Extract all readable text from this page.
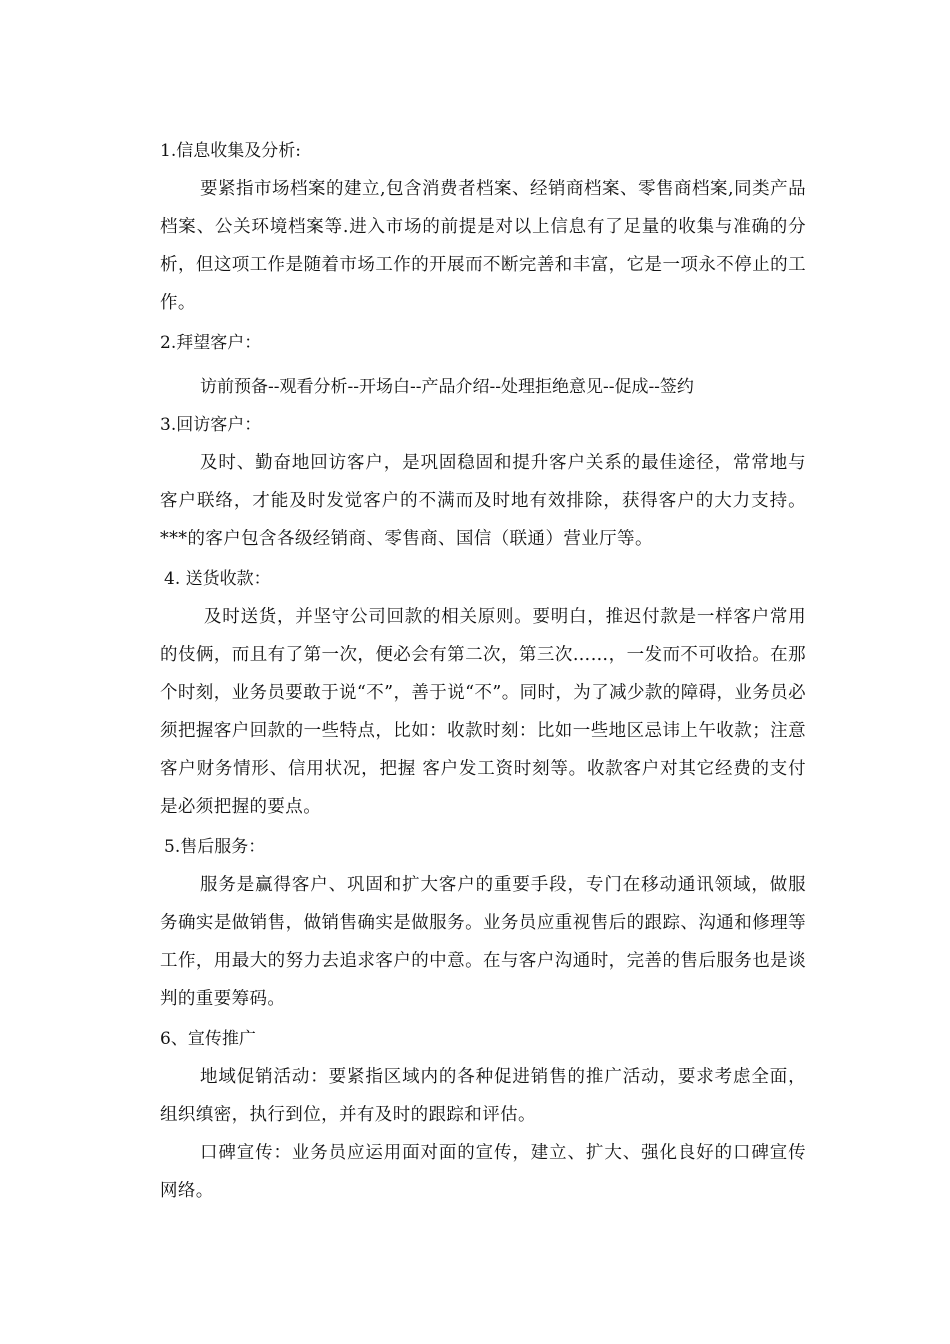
1.信息收集及分析:

要紧指市场档案的建立,包含消费者档案、经销商档案、零售商档案,同类产品档案、公关环境档案等.进入市场的前提是对以上信息有了足量的收集与准确的分析，但这项工作是随着市场工作的开展而不断完善和丰富，它是一项永不停止的工作。

2.拜望客户：

访前预备--观看分析--开场白--产品介绍--处理拒绝意见--促成--签约

3.回访客户：

及时、勤奋地回访客户，是巩固稳固和提升客户关系的最佳途径，常常地与客户联络，才能及时发觉客户的不满而及时地有效排除，获得客户的大力支持。***的客户包含各级经销商、零售商、国信（联通）营业厅等。

4. 送货收款：

及时送货，并坚守公司回款的相关原则。要明白，推迟付款是一样客户常用的伎俩，而且有了第一次，便必会有第二次，第三次……，一发而不可收拾。在那个时刻，业务员要敢于说“不”，善于说“不”。同时，为了减少款的障碍，业务员必须把握客户回款的一些特点，比如：收款时刻：比如一些地区忌讳上午收款；注意客户财务情形、信用状况，把握 客户发工资时刻等。收款客户对其它经费的支付是必须把握的要点。

5.售后服务：

服务是赢得客户、巩固和扩大客户的重要手段，专门在移动通讯领域，做服务确实是做销售，做销售确实是做服务。业务员应重视售后的跟踪、沟通和修理等工作，用最大的努力去追求客户的中意。在与客户沟通时，完善的售后服务也是谈判的重要筹码。

6、宣传推广

地域促销活动：要紧指区域内的各种促进销售的推广活动，要求考虑全面，组织缜密，执行到位，并有及时的跟踪和评估。

口碑宣传：业务员应运用面对面的宣传，建立、扩大、强化良好的口碑宣传网络。
